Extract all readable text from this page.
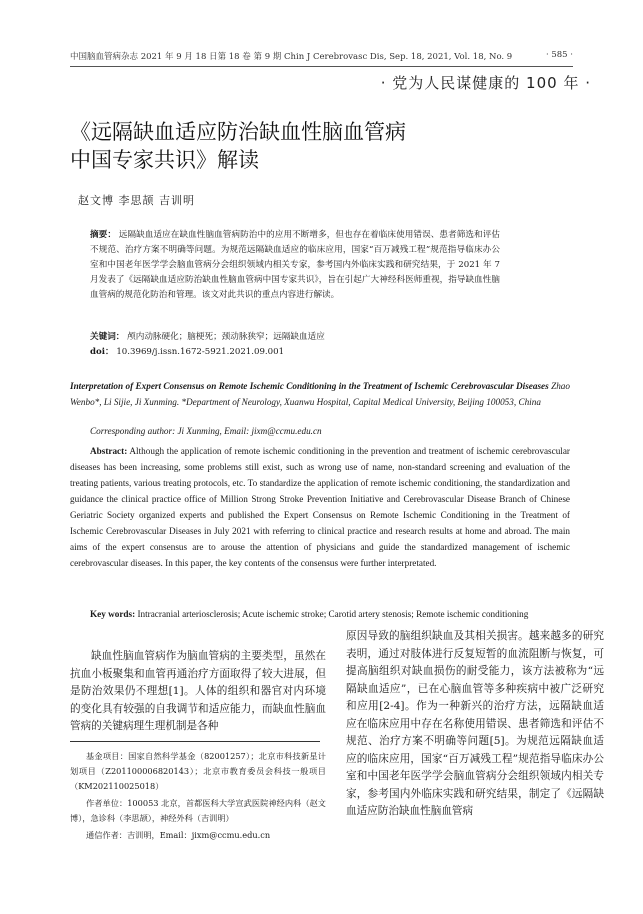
中国脑血管病杂志 2021 年 9 月 18 日第 18 卷 第 9 期 Chin J Cerebrovasc Dis, Sep. 18, 2021, Vol. 18, No. 9	· 585 ·
· 党为人民谋健康的 100 年 ·
《远隔缺血适应防治缺血性脑血管病
中国专家共识》解读
赵文博 李思颉 吉训明
摘要： 远隔缺血适应在缺血性脑血管病防治中的应用不断增多，但也存在着临床使用错误、患者筛选和评估不规范、治疗方案不明确等问题。为规范远隔缺血适应的临床应用，国家“百万减残工程”规范指导临床办公室和中国老年医学学会脑血管病分会组织领域内相关专家，参考国内外临床实践和研究结果，于 2021 年 7 月发表了《远隔缺血适应防治缺血性脑血管病中国专家共识》，旨在引起广大神经科医师重视，指导缺血性脑血管病的规范化防治和管理。该文对此共识的重点内容进行解读。
关键词： 颅内动脉硬化；脑梗死；颈动脉狭窄；远隔缺血适应
doi： 10.3969/j.issn.1672-5921.2021.09.001
Interpretation of Expert Consensus on Remote Ischemic Conditioning in the Treatment of Ischemic Cerebrovascular Diseases Zhao Wenbo*, Li Sijie, Ji Xunming. *Department of Neurology, Xuanwu Hospital, Capital Medical University, Beijing 100053, China
Corresponding author: Ji Xunming, Email: jixm@ccmu.edu.cn
Abstract: Although the application of remote ischemic conditioning in the prevention and treatment of ischemic cerebrovascular diseases has been increasing, some problems still exist, such as wrong use of name, non-standard screening and evaluation of the treating patients, various treating protocols, etc. To standardize the application of remote ischemic conditioning, the standardization and guidance the clinical practice office of Million Strong Stroke Prevention Initiative and Cerebrovascular Disease Branch of Chinese Geriatric Society organized experts and published the Expert Consensus on Remote Ischemic Conditioning in the Treatment of Ischemic Cerebrovascular Diseases in July 2021 with referring to clinical practice and research results at home and abroad. The main aims of the expert consensus are to arouse the attention of physicians and guide the standardized management of ischemic cerebrovascular diseases. In this paper, the key contents of the consensus were further interpretated.
Key words: Intracranial arteriosclerosis; Acute ischemic stroke; Carotid artery stenosis; Remote ischemic conditioning
缺血性脑血管病作为脑血管病的主要类型，虽然在抗血小板聚集和血管再通治疗方面取得了较大进展，但是防治效果仍不理想[1]。人体的组织和器官对内环境的变化具有较强的自我调节和适应能力，而缺血性脑血管病的关键病理生理机制是各种
原因导致的脑组织缺血及其相关损害。越来越多的研究表明，通过对肢体进行反复短暂的血流阻断与恢复，可提高脑组织对缺血损伤的耐受能力，该方法被称为“远隔缺血适应”，已在心脑血管等多种疾病中被广泛研究和应用[2-4]。作为一种新兴的治疗方法，远隔缺血适应在临床应用中存在名称使用错误、患者筛选和评估不规范、治疗方案不明确等问题[5]。为规范远隔缺血适应的临床应用，国家“百万减残工程”规范指导临床办公室和中国老年医学学会脑血管病分会组织领域内相关专家，参考国内外临床实践和研究结果，制定了《远隔缺血适应防治缺血性脑血管病

基金项目：国家自然科学基金（82001257）；北京市科技新星计划项目（Z201100006820143）；北京市教育委员会科技一般项目（KM202110025018）

作者单位：100053 北京，首都医科大学宣武医院神经内科（赵文博），急诊科（李思颉），神经外科（吉训明）

通信作者：吉训明，Email：jixm@ccmu.edu.cn
